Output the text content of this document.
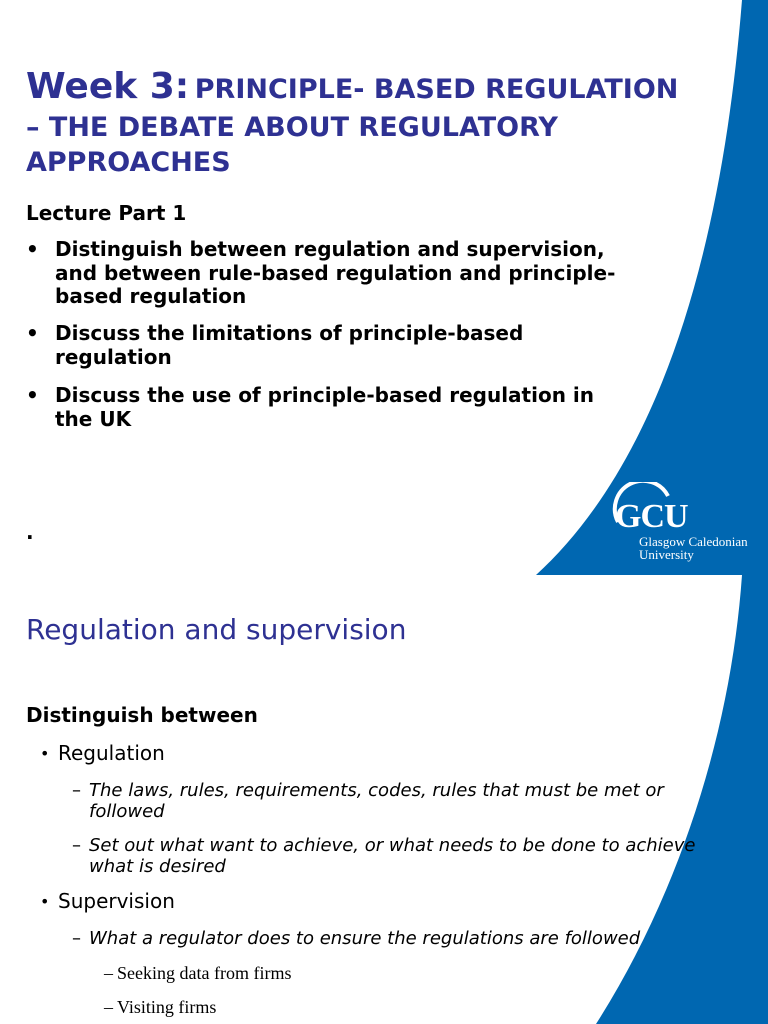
Week 3: PRINCIPLE- BASED REGULATION
– THE DEBATE ABOUT REGULATORY
APPROACHES
Lecture Part 1
• Distinguish between regulation and supervision, and between rule-based regulation and principle-based regulation
• Discuss the limitations of principle-based regulation
• Discuss the use of principle-based regulation in the UK
.	GCU
Glasgow Caledonian
University
Regulation and supervision
Distinguish between
• Regulation
– The laws, rules, requirements, codes, rules that must be met or followed
– Set out what want to achieve, or what needs to be done to achieve what is desired
• Supervision
– What a regulator does to ensure the regulations are followed
– Seeking data from firms
– Visiting firms
